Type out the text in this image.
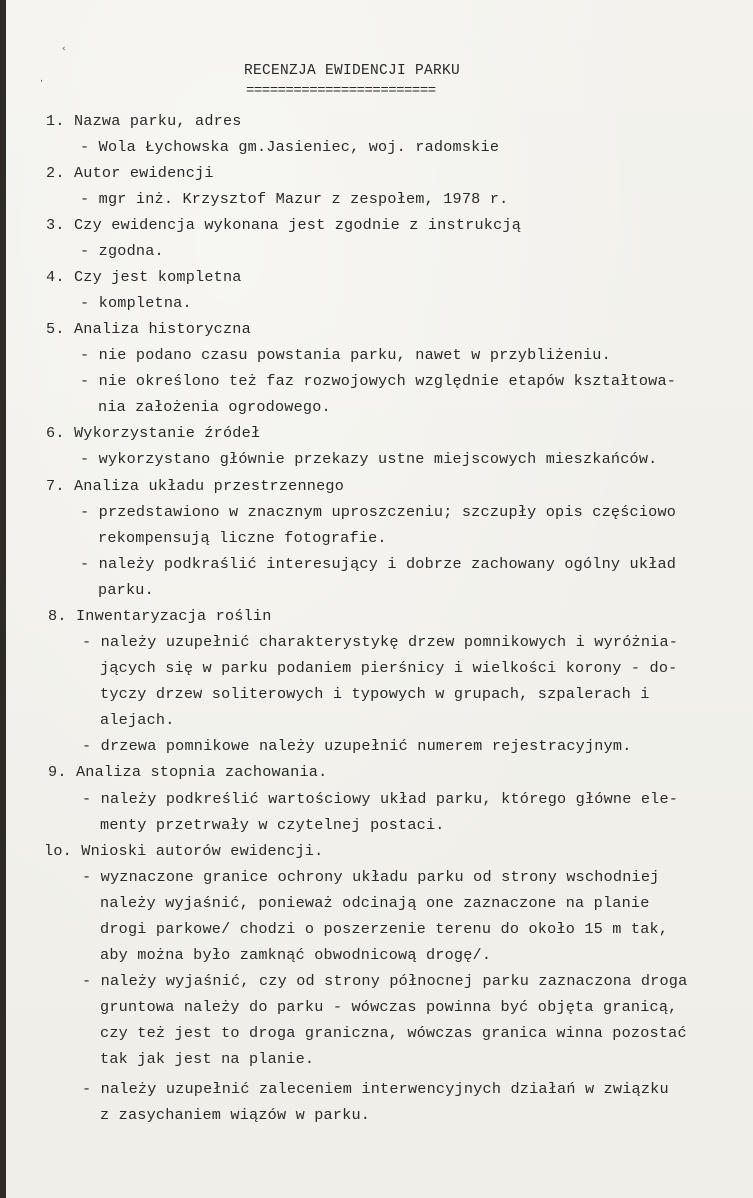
‹
‚	RECENZJA EWIDENCJI PARKU
========================
1. Nazwa parku, adres
- Wola Łychowska gm.Jasieniec, woj. radomskie
2. Autor ewidencji
- mgr inż. Krzysztof Mazur z zespołem, 1978 r.
3. Czy ewidencja wykonana jest zgodnie z instrukcją
- zgodna.
4. Czy jest kompletna
- kompletna.
5. Analiza historyczna
- nie podano czasu powstania parku, nawet w przybliżeniu.
- nie określono też faz rozwojowych względnie etapów kształtowa-
nia założenia ogrodowego.
6. Wykorzystanie źródeł
- wykorzystano głównie przekazy ustne miejscowych mieszkańców.
7. Analiza układu przestrzennego
- przedstawiono w znacznym uproszczeniu; szczupły opis częściowo
rekompensują liczne fotografie.
- należy podkraślić interesujący i dobrze zachowany ogólny układ
parku.
8. Inwentaryzacja roślin
- należy uzupełnić charakterystykę drzew pomnikowych i wyróżnia-
jących się w parku podaniem pierśnicy i wielkości korony - do-
tyczy drzew soliterowych i typowych w grupach, szpalerach i
alejach.
- drzewa pomnikowe należy uzupełnić numerem rejestracyjnym.
9. Analiza stopnia zachowania.
- należy podkreślić wartościowy układ parku, którego główne ele-
menty przetrwały w czytelnej postaci.
lo. Wnioski autorów ewidencji.
- wyznaczone granice ochrony układu parku od strony wschodniej
należy wyjaśnić, ponieważ odcinają one zaznaczone na planie
drogi parkowe/ chodzi o poszerzenie terenu do około 15 m tak,
aby można było zamknąć obwodnicową drogę/.
- należy wyjaśnić, czy od strony północnej parku zaznaczona droga
gruntowa należy do parku - wówczas powinna być objęta granicą,
czy też jest to droga graniczna, wówczas granica winna pozostać
tak jak jest na planie.
- należy uzupełnić zaleceniem interwencyjnych działań w związku
z zasychaniem wiązów w parku.
